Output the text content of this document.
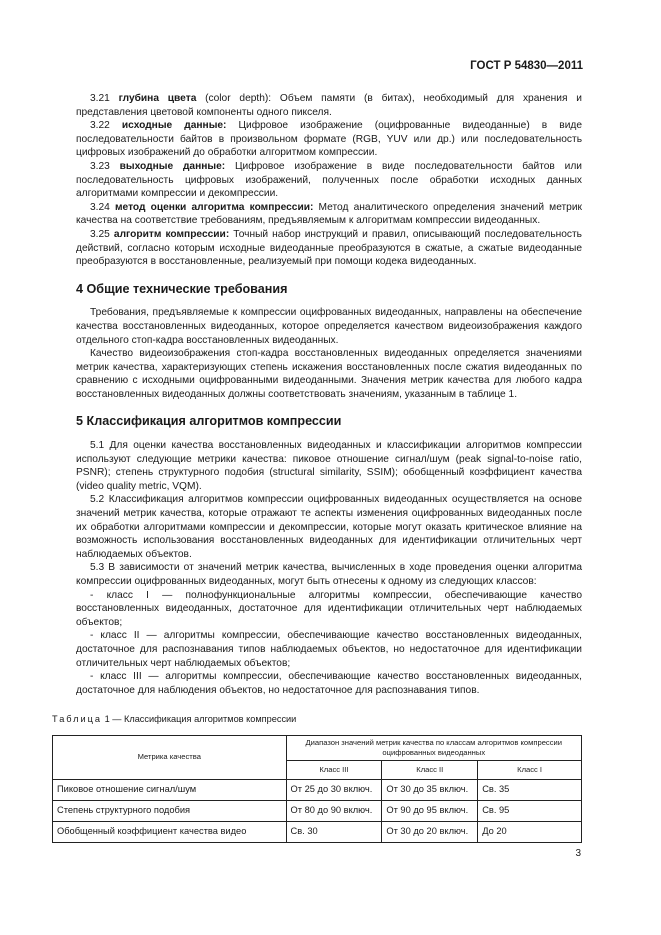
ГОСТ Р 54830—2011

3.21 глубина цвета (color depth): Объем памяти (в битах), необходимый для хранения и представления цветовой компоненты одного пикселя.

3.22 исходные данные: Цифровое изображение (оцифрованные видеоданные) в виде последовательности байтов в произвольном формате (RGB, YUV или др.) или последовательность цифровых изображений до обработки алгоритмом компрессии.

3.23 выходные данные: Цифровое изображение в виде последовательности байтов или последовательность цифровых изображений, полученных после обработки исходных данных алгоритмами компрессии и декомпрессии.

3.24 метод оценки алгоритма компрессии: Метод аналитического определения значений метрик качества на соответствие требованиям, предъявляемым к алгоритмам компрессии видеоданных.

3.25 алгоритм компрессии: Точный набор инструкций и правил, описывающий последовательность действий, согласно которым исходные видеоданные преобразуются в сжатые, а сжатые видеоданные преобразуются в восстановленные, реализуемый при помощи кодека видеоданных.

4 Общие технические требования

Требования, предъявляемые к компрессии оцифрованных видеоданных, направлены на обеспечение качества восстановленных видеоданных, которое определяется качеством видеоизображения каждого отдельного стоп-кадра восстановленных видеоданных.

Качество видеоизображения стоп-кадра восстановленных видеоданных определяется значениями метрик качества, характеризующих степень искажения восстановленных после сжатия видеоданных по сравнению с исходными оцифрованными видеоданными. Значения метрик качества для любого кадра восстановленных видеоданных должны соответствовать значениям, указанным в таблице 1.

5 Классификация алгоритмов компрессии

5.1 Для оценки качества восстановленных видеоданных и классификации алгоритмов компрессии используют следующие метрики качества: пиковое отношение сигнал/шум (peak signal-to-noise ratio, PSNR); степень структурного подобия (structural similarity, SSIM); обобщенный коэффициент качества (video quality metric, VQM).

5.2 Классификация алгоритмов компрессии оцифрованных видеоданных осуществляется на основе значений метрик качества, которые отражают те аспекты изменения оцифрованных видеоданных после их обработки алгоритмами компрессии и декомпрессии, которые могут оказать критическое влияние на возможность использования восстановленных видеоданных для идентификации отличительных черт наблюдаемых объектов.

5.3 В зависимости от значений метрик качества, вычисленных в ходе проведения оценки алгоритма компрессии оцифрованных видеоданных, могут быть отнесены к одному из следующих классов:

- класс I — полнофункциональные алгоритмы компрессии, обеспечивающие качество восстановленных видеоданных, достаточное для идентификации отличительных черт наблюдаемых объектов;

- класс II — алгоритмы компрессии, обеспечивающие качество восстановленных видеоданных, достаточное для распознавания типов наблюдаемых объектов, но недостаточное для идентификации отличительных черт наблюдаемых объектов;

- класс III — алгоритмы компрессии, обеспечивающие качество восстановленных видеоданных, достаточное для наблюдения объектов, но недостаточное для распознавания типов.

Таблица 1 — Классификация алгоритмов компрессии
Метрика качества	Диапазон значений метрик качества по классам алгоритмов компрессии оцифрованных видеоданных		
	Класс III	Класс II	Класс I
Пиковое отношение сигнал/шум	От 25 до 30 включ.	От 30 до 35 включ.	Св. 35
Степень структурного подобия	От 80 до 90 включ.	От 90 до 95 включ.	Св. 95
Обобщенный коэффициент качества видео	Св. 30	От 30 до 20 включ.	До 20
3
